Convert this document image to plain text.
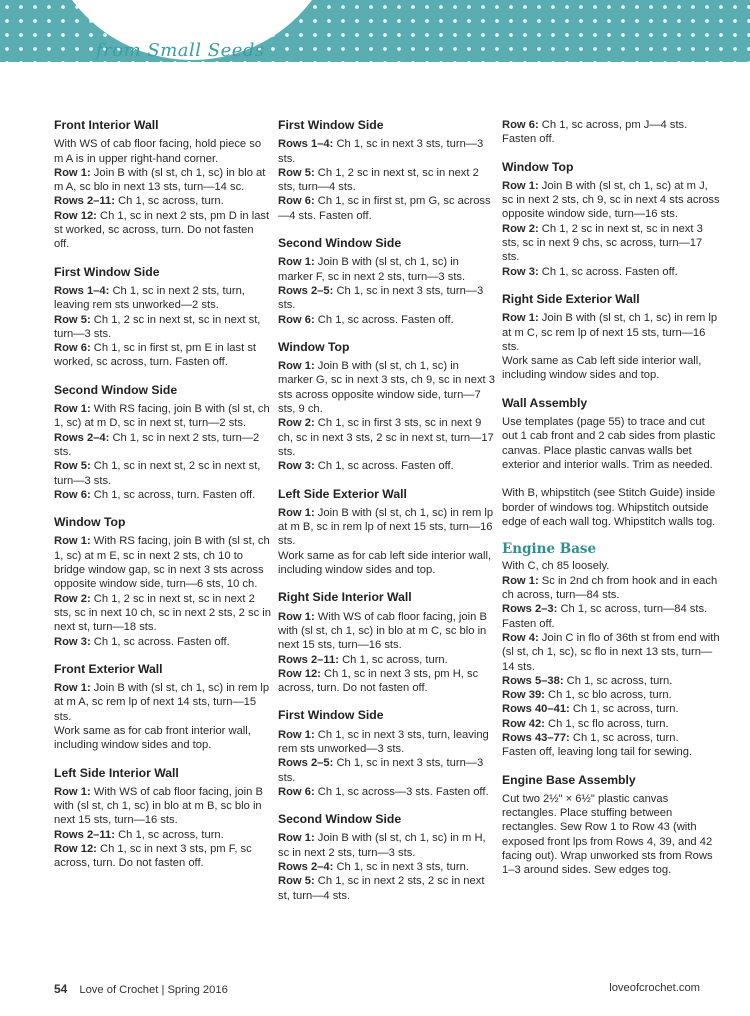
from Small Seeds
Front Interior Wall
With WS of cab floor facing, hold piece so m A is in upper right-hand corner.
Row 1: Join B with (sl st, ch 1, sc) in blo at m A, sc blo in next 13 sts, turn—14 sc.
Rows 2–11: Ch 1, sc across, turn.
Row 12: Ch 1, sc in next 2 sts, pm D in last st worked, sc across, turn. Do not fasten off.
First Window Side
Rows 1–4: Ch 1, sc in next 2 sts, turn, leaving rem sts unworked—2 sts.
Row 5: Ch 1, 2 sc in next st, sc in next st, turn—3 sts.
Row 6: Ch 1, sc in first st, pm E in last st worked, sc across, turn. Fasten off.
Second Window Side
Row 1: With RS facing, join B with (sl st, ch 1, sc) at m D, sc in next st, turn—2 sts.
Rows 2–4: Ch 1, sc in next 2 sts, turn—2 sts.
Row 5: Ch 1, sc in next st, 2 sc in next st, turn—3 sts.
Row 6: Ch 1, sc across, turn. Fasten off.
Window Top
Row 1: With RS facing, join B with (sl st, ch 1, sc) at m E, sc in next 2 sts, ch 10 to bridge window gap, sc in next 3 sts across opposite window side, turn—6 sts, 10 ch.
Row 2: Ch 1, 2 sc in next st, sc in next 2 sts, sc in next 10 ch, sc in next 2 sts, 2 sc in next st, turn—18 sts.
Row 3: Ch 1, sc across. Fasten off.
Front Exterior Wall
Row 1: Join B with (sl st, ch 1, sc) in rem lp at m A, sc rem lp of next 14 sts, turn—15 sts.
Work same as for cab front interior wall, including window sides and top.
Left Side Interior Wall
Row 1: With WS of cab floor facing, join B with (sl st, ch 1, sc) in blo at m B, sc blo in next 15 sts, turn—16 sts.
Rows 2–11: Ch 1, sc across, turn.
Row 12: Ch 1, sc in next 3 sts, pm F, sc across, turn. Do not fasten off.
First Window Side
Rows 1–4: Ch 1, sc in next 3 sts, turn—3 sts.
Row 5: Ch 1, 2 sc in next st, sc in next 2 sts, turn—4 sts.
Row 6: Ch 1, sc in first st, pm G, sc across—4 sts. Fasten off.
Second Window Side
Row 1: Join B with (sl st, ch 1, sc) in marker F, sc in next 2 sts, turn—3 sts.
Rows 2–5: Ch 1, sc in next 3 sts, turn—3 sts.
Row 6: Ch 1, sc across. Fasten off.
Window Top
Row 1: Join B with (sl st, ch 1, sc) in marker G, sc in next 3 sts, ch 9, sc in next 3 sts across opposite window side, turn—7 sts, 9 ch.
Row 2: Ch 1, sc in first 3 sts, sc in next 9 ch, sc in next 3 sts, 2 sc in next st, turn—17 sts.
Row 3: Ch 1, sc across. Fasten off.
Left Side Exterior Wall
Row 1: Join B with (sl st, ch 1, sc) in rem lp at m B, sc in rem lp of next 15 sts, turn—16 sts.
Work same as for cab left side interior wall, including window sides and top.
Right Side Interior Wall
Row 1: With WS of cab floor facing, join B with (sl st, ch 1, sc) in blo at m C, sc blo in next 15 sts, turn—16 sts.
Rows 2–11: Ch 1, sc across, turn.
Row 12: Ch 1, sc in next 3 sts, pm H, sc across, turn. Do not fasten off.
First Window Side
Row 1: Ch 1, sc in next 3 sts, turn, leaving rem sts unworked—3 sts.
Rows 2–5: Ch 1, sc in next 3 sts, turn—3 sts.
Row 6: Ch 1, sc across—3 sts. Fasten off.
Second Window Side
Row 1: Join B with (sl st, ch 1, sc) in m H, sc in next 2 sts, turn—3 sts.
Rows 2–4: Ch 1, sc in next 3 sts, turn.
Row 5: Ch 1, sc in next 2 sts, 2 sc in next st, turn—4 sts.
Row 6: Ch 1, sc across, pm J—4 sts. Fasten off.
Window Top
Row 1: Join B with (sl st, ch 1, sc) at m J, sc in next 2 sts, ch 9, sc in next 4 sts across opposite window side, turn—16 sts.
Row 2: Ch 1, 2 sc in next st, sc in next 3 sts, sc in next 9 chs, sc across, turn—17 sts.
Row 3: Ch 1, sc across. Fasten off.
Right Side Exterior Wall
Row 1: Join B with (sl st, ch 1, sc) in rem lp at m C, sc rem lp of next 15 sts, turn—16 sts.
Work same as Cab left side interior wall, including window sides and top.
Wall Assembly
Use templates (page 55) to trace and cut out 1 cab front and 2 cab sides from plastic canvas. Place plastic canvas walls bet exterior and interior walls. Trim as needed.
With B, whipstitch (see Stitch Guide) inside border of windows tog. Whipstitch outside edge of each wall tog. Whipstitch walls tog.
Engine Base
With C, ch 85 loosely.
Row 1: Sc in 2nd ch from hook and in each ch across, turn—84 sts.
Rows 2–3: Ch 1, sc across, turn—84 sts. Fasten off.
Row 4: Join C in flo of 36th st from end with (sl st, ch 1, sc), sc flo in next 13 sts, turn—14 sts.
Rows 5–38: Ch 1, sc across, turn.
Row 39: Ch 1, sc blo across, turn.
Rows 40–41: Ch 1, sc across, turn.
Row 42: Ch 1, sc flo across, turn.
Rows 43–77: Ch 1, sc across, turn.
Fasten off, leaving long tail for sewing.
Engine Base Assembly
Cut two 2½" × 6½" plastic canvas rectangles. Place stuffing between rectangles. Sew Row 1 to Row 43 (with exposed front lps from Rows 4, 39, and 42 facing out). Wrap unworked sts from Rows 1–3 around sides. Sew edges tog.
54 Love of Crochet | Spring 2016	loveofcrochet.com
